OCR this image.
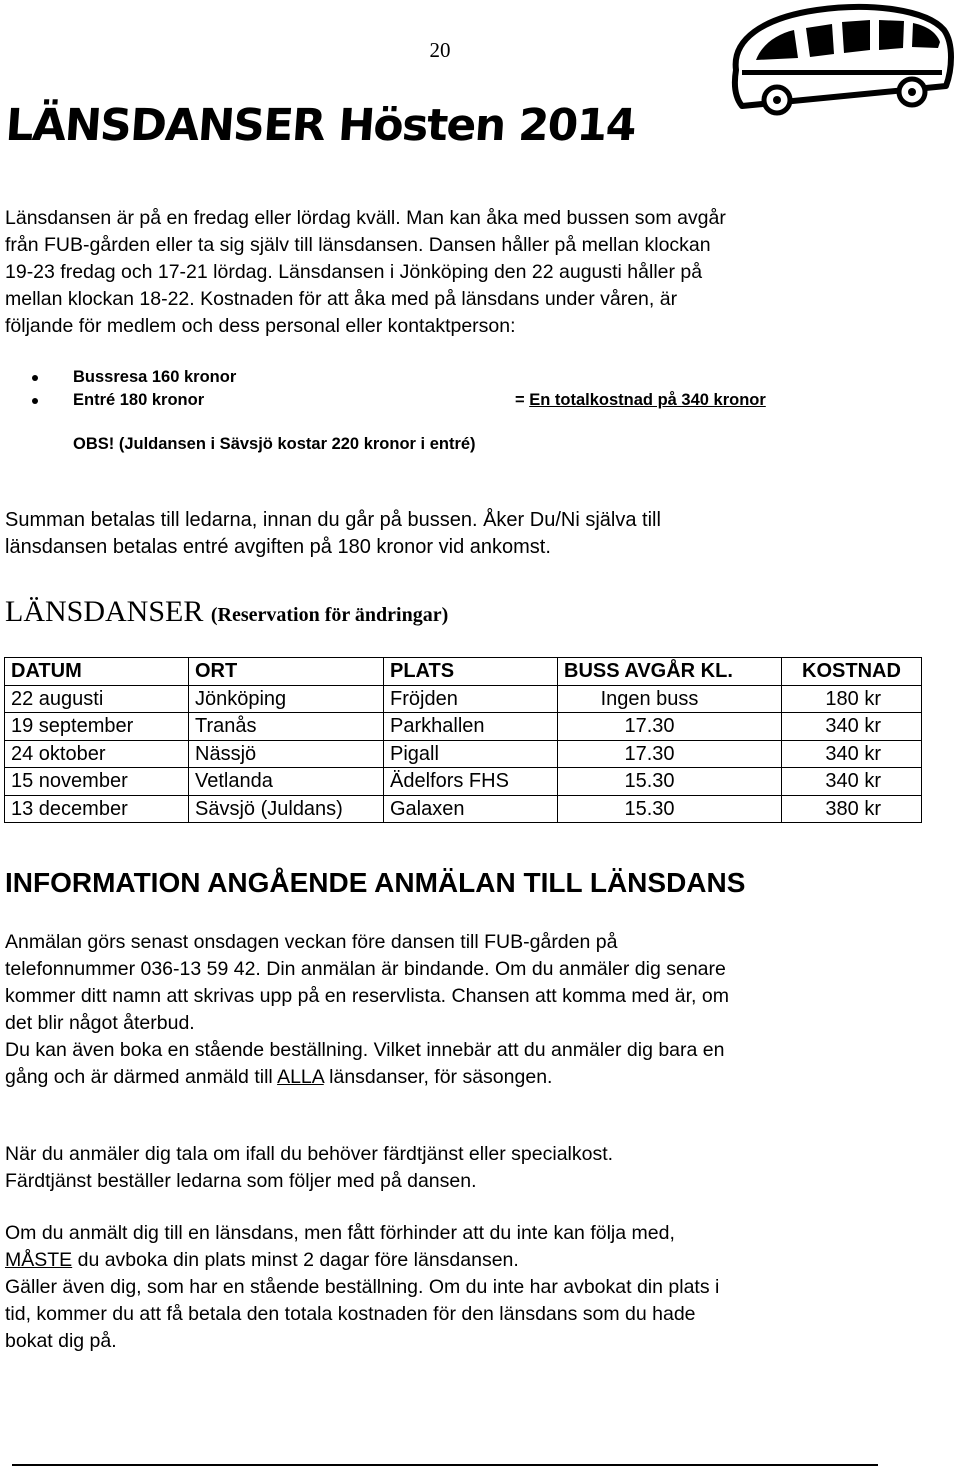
20
LÄNSDANSER Hösten 2014
Länsdansen är på en fredag eller lördag kväll. Man kan åka med bussen som avgår
från FUB-gården eller ta sig själv till länsdansen. Dansen håller på mellan klockan
19-23 fredag och 17-21 lördag. Länsdansen i Jönköping den 22 augusti håller på
mellan klockan 18-22. Kostnaden för att åka med på länsdans under våren, är
följande för medlem och dess personal eller kontaktperson:
Bussresa 160 kronor
Entré 180 kronor	= En totalkostnad på 340 kronor

OBS! (Juldansen i Sävsjö kostar 220 kronor i entré)

Summan betalas till ledarna, innan du går på bussen. Åker Du/Ni själva till
länsdansen betalas entré avgiften på 180 kronor vid ankomst.
LÄNSDANSER (Reservation för ändringar)
DATUM	ORT	PLATS	BUSS AVGÅR KL.	KOSTNAD
22 augusti	Jönköping	Fröjden	Ingen buss	180 kr
19 september	Tranås	Parkhallen	17.30	340 kr
24 oktober	Nässjö	Pigall	17.30	340 kr
15 november	Vetlanda	Ädelfors FHS	15.30	340 kr
13 december	Sävsjö (Juldans)	Galaxen	15.30	380 kr
INFORMATION ANGÅENDE ANMÄLAN TILL LÄNSDANS
Anmälan görs senast onsdagen veckan före dansen till FUB-gården på
telefonnummer 036-13 59 42. Din anmälan är bindande. Om du anmäler dig senare
kommer ditt namn att skrivas upp på en reservlista. Chansen att komma med är, om
det blir något återbud.
Du kan även boka en stående beställning. Vilket innebär att du anmäler dig bara en
gång och är därmed anmäld till ALLA länsdanser, för säsongen.
När du anmäler dig tala om ifall du behöver färdtjänst eller specialkost.
Färdtjänst beställer ledarna som följer med på dansen.
Om du anmält dig till en länsdans, men fått förhinder att du inte kan följa med,
MÅSTE du avboka din plats minst 2 dagar före länsdansen.
Gäller även dig, som har en stående beställning. Om du inte har avbokat din plats i
tid, kommer du att få betala den totala kostnaden för den länsdans som du hade
bokat dig på.
